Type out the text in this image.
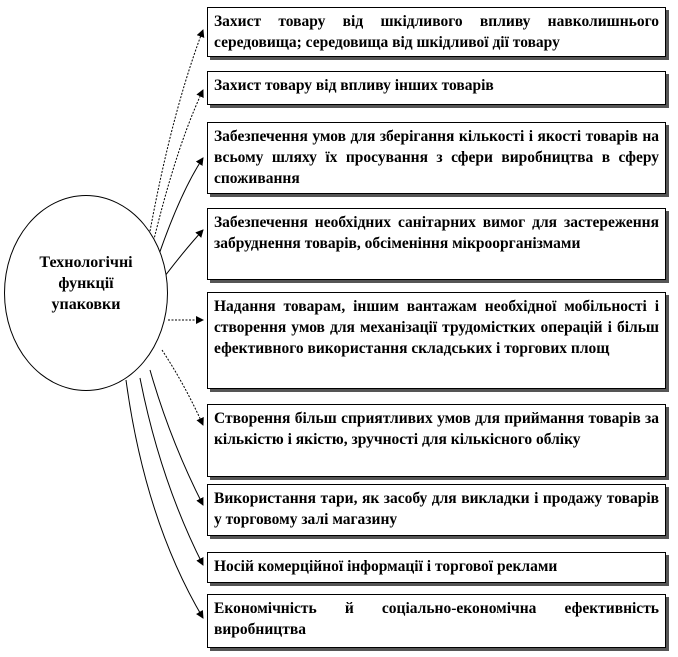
Технологічні функції упаковки
Захист товару від шкідливого впливу навколишнього середовища; середовища від шкідливої дії товару
Захист товару від впливу інших товарів
Забезпечення умов для зберігання кількості і якості товарів на всьому шляху їх просування з сфери виробництва в сферу споживання
Забезпечення необхідних санітарних вимог для застереження забруднення товарів, обсіменіння мікроорганізмами
Надання товарам, іншим вантажам необхідної мобільності і створення умов для механізації трудомістких операцій і більш ефективного використання складських і торгових площ
Створення більш сприятливих умов для приймання товарів за кількістю і якістю, зручності для кількісного обліку
Використання тари, як засобу для викладки і продажу товарів у торговому залі магазину
Носій комерційної інформації і торгової реклами
Економічність й соціально-економічна ефективність виробництва
